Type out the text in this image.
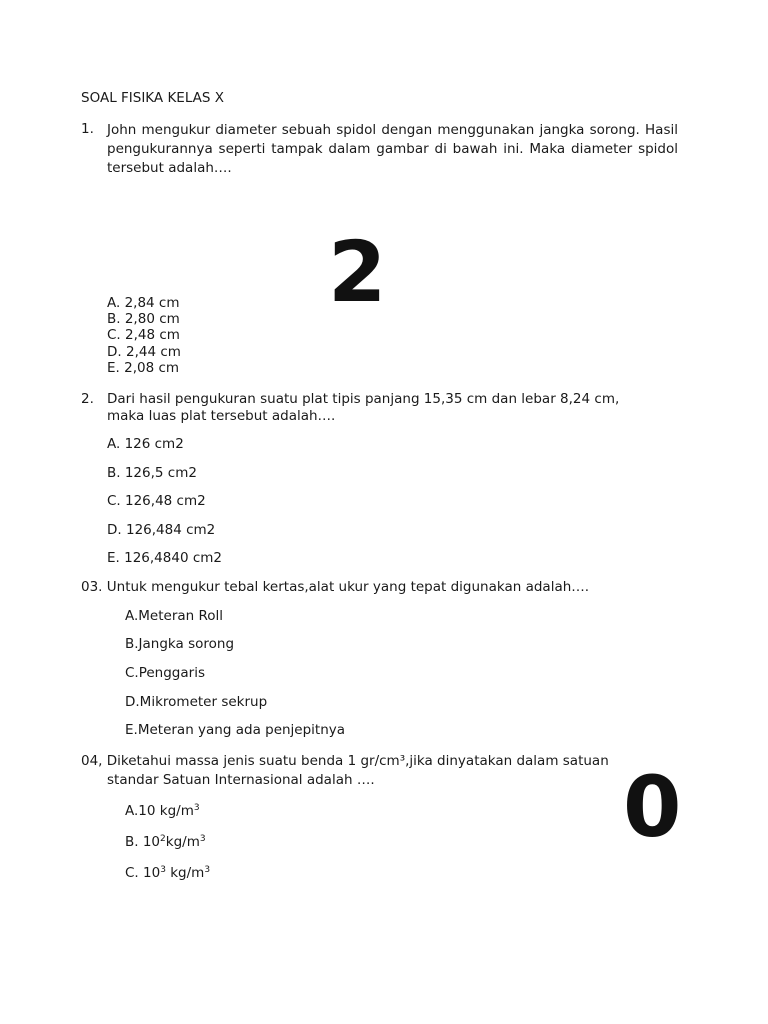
SOAL FISIKA KELAS X
1. John mengukur diameter sebuah spidol dengan menggunakan jangka sorong. Hasil pengukurannya seperti tampak dalam gambar di bawah ini. Maka diameter spidol tersebut adalah….
2
A. 2,84 cm
B. 2,80 cm
C. 2,48 cm
D. 2,44 cm
E. 2,08 cm
2. Dari hasil pengukuran suatu plat tipis panjang 15,35 cm dan lebar 8,24 cm,
maka luas plat tersebut adalah….
A. 126 cm2
B. 126,5 cm2
C. 126,48 cm2
D. 126,484 cm2
E. 126,4840 cm2
03. Untuk mengukur tebal kertas,alat ukur yang tepat digunakan adalah….
A.Meteran Roll
B.Jangka sorong
C.Penggaris
D.Mikrometer sekrup
E.Meteran yang ada penjepitnya
04, Diketahui massa jenis suatu benda 1 gr/cm³,jika dinyatakan dalam satuan
standar Satuan Internasional adalah ….	0
A.10 $kg/m^3$
B. $10^2kg/m^3$
C. $10^3$ $kg/m^3$
